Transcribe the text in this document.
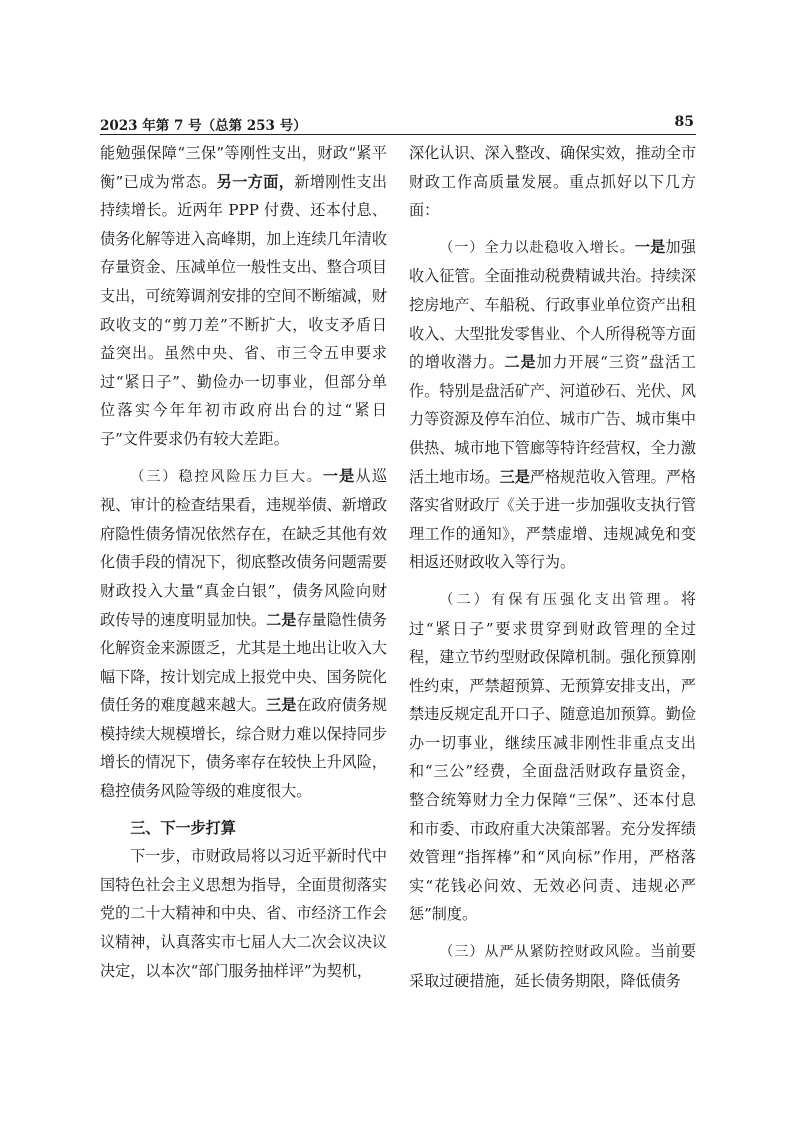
2023 年第 7 号（总第 253 号）	85

能勉强保障“三保”等刚性支出，财政“紧平衡”已成为常态。另一方面，新增刚性支出持续增长。近两年 PPP 付费、还本付息、债务化解等进入高峰期，加上连续几年清收存量资金、压减单位一般性支出、整合项目支出，可统筹调剂安排的空间不断缩减，财政收支的“剪刀差”不断扩大，收支矛盾日益突出。虽然中央、省、市三令五申要求过“紧日子”、勤俭办一切事业，但部分单位落实今年年初市政府出台的过“紧日子”文件要求仍有较大差距。

（三）稳控风险压力巨大。一是从巡视、审计的检查结果看，违规举债、新增政府隐性债务情况依然存在，在缺乏其他有效化债手段的情况下，彻底整改债务问题需要财政投入大量“真金白银”，债务风险向财政传导的速度明显加快。二是存量隐性债务化解资金来源匮乏，尤其是土地出让收入大幅下降，按计划完成上报党中央、国务院化债任务的难度越来越大。三是在政府债务规模持续大规模增长，综合财力难以保持同步增长的情况下，债务率存在较快上升风险，稳控债务风险等级的难度很大。

三、下一步打算

下一步，市财政局将以习近平新时代中国特色社会主义思想为指导，全面贯彻落实党的二十大精神和中央、省、市经济工作会议精神，认真落实市七届人大二次会议决议决定，以本次“部门服务抽样评”为契机，

深化认识、深入整改、确保实效，推动全市财政工作高质量发展。重点抓好以下几方面：

（一）全力以赴稳收入增长。一是加强收入征管。全面推动税费精诚共治。持续深挖房地产、车船税、行政事业单位资产出租收入、大型批发零售业、个人所得税等方面的增收潜力。二是加力开展“三资”盘活工作。特别是盘活矿产、河道砂石、光伏、风力等资源及停车泊位、城市广告、城市集中供热、城市地下管廊等特许经营权，全力激活土地市场。三是严格规范收入管理。严格落实省财政厅《关于进一步加强收支执行管理工作的通知》，严禁虚增、违规减免和变相返还财政收入等行为。

（二）有保有压强化支出管理。将过“紧日子”要求贯穿到财政管理的全过程，建立节约型财政保障机制。强化预算刚性约束，严禁超预算、无预算安排支出，严禁违反规定乱开口子、随意追加预算。勤俭办一切事业，继续压减非刚性非重点支出和“三公”经费，全面盘活财政存量资金，整合统筹财力全力保障“三保”、还本付息和市委、市政府重大决策部署。充分发挥绩效管理“指挥棒”和“风向标”作用，严格落实“花钱必问效、无效必问责、违规必严惩”制度。

（三）从严从紧防控财政风险。当前要采取过硬措施，延长债务期限，降低债务
